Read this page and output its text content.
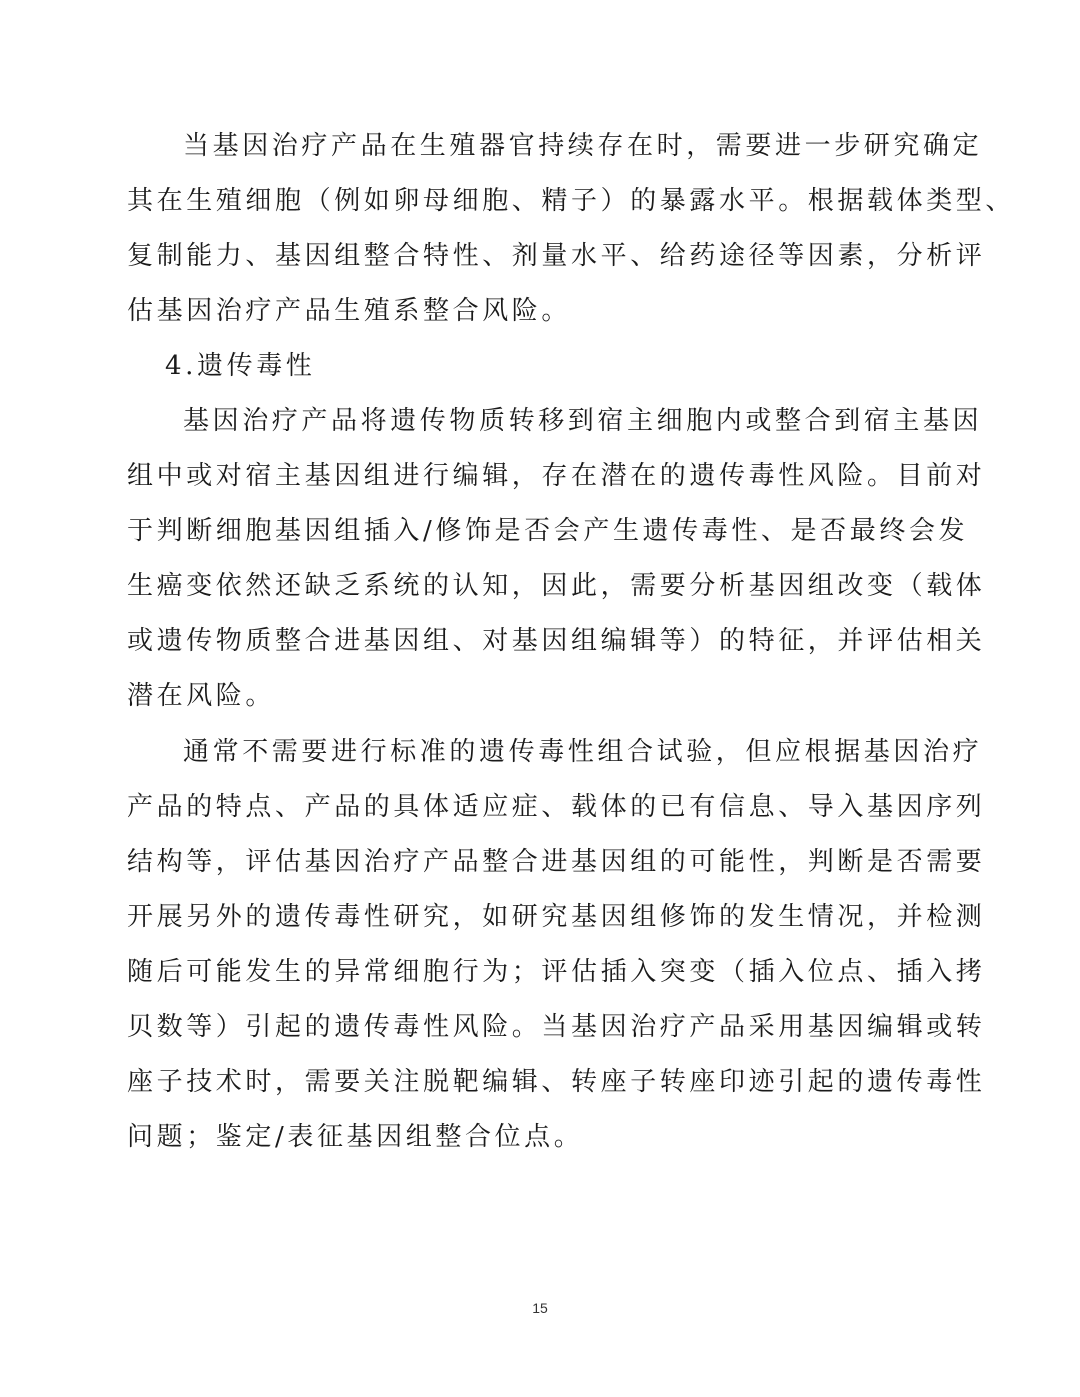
当基因治疗产品在生殖器官持续存在时，需要进一步研究确定
其在生殖细胞（例如卵母细胞、精子）的暴露水平。根据载体类型、
复制能力、基因组整合特性、剂量水平、给药途径等因素，分析评
估基因治疗产品生殖系整合风险。
4.遗传毒性
基因治疗产品将遗传物质转移到宿主细胞内或整合到宿主基因
组中或对宿主基因组进行编辑，存在潜在的遗传毒性风险。目前对
于判断细胞基因组插入/修饰是否会产生遗传毒性、是否最终会发
生癌变依然还缺乏系统的认知，因此，需要分析基因组改变（载体
或遗传物质整合进基因组、对基因组编辑等）的特征，并评估相关
潜在风险。
通常不需要进行标准的遗传毒性组合试验，但应根据基因治疗
产品的特点、产品的具体适应症、载体的已有信息、导入基因序列
结构等，评估基因治疗产品整合进基因组的可能性，判断是否需要
开展另外的遗传毒性研究，如研究基因组修饰的发生情况，并检测
随后可能发生的异常细胞行为；评估插入突变（插入位点、插入拷
贝数等）引起的遗传毒性风险。当基因治疗产品采用基因编辑或转
座子技术时，需要关注脱靶编辑、转座子转座印迹引起的遗传毒性
问题；鉴定/表征基因组整合位点。
15
